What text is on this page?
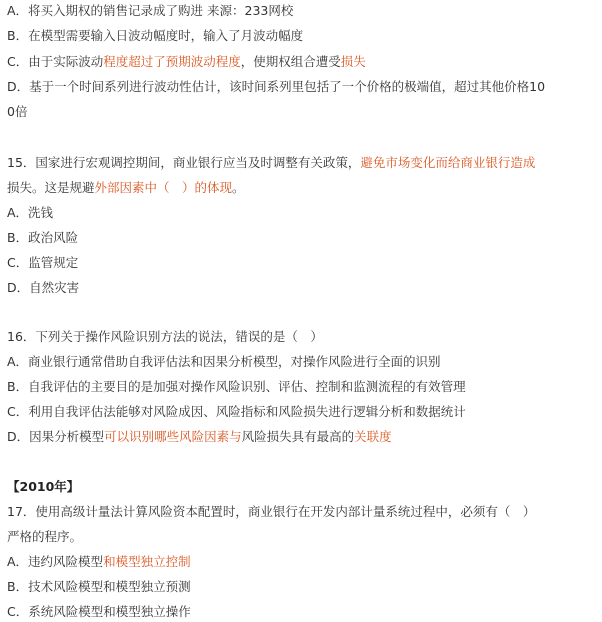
A．将买入期权的销售记录成了购进 来源：233网校
B．在模型需要输入日波动幅度时，输入了月波动幅度
C．由于实际波动程度超过了预期波动程度，使期权组合遭受损失
D．基于一个时间系列进行波动性估计，该时间系列里包括了一个价格的极端值，超过其他价格10
0倍
15．国家进行宏观调控期间，商业银行应当及时调整有关政策，避免市场变化而给商业银行造成
损失。这是规避外部因素中（　）的体现。
A．洗钱
B．政治风险
C．监管规定
D．自然灾害
16．下列关于操作风险识别方法的说法，错误的是（　）
A．商业银行通常借助自我评估法和因果分析模型，对操作风险进行全面的识别
B．自我评估的主要目的是加强对操作风险识别、评估、控制和监测流程的有效管理
C．利用自我评估法能够对风险成因、风险指标和风险损失进行逻辑分析和数据统计
D．因果分析模型可以识别哪些风险因素与风险损失具有最高的关联度
【2010年】
17．使用高级计量法计算风险资本配置时，商业银行在开发内部计量系统过程中，必须有（　）
严格的程序。
A．违约风险模型和模型独立控制
B．技术风险模型和模型独立预测
C．系统风险模型和模型独立操作
